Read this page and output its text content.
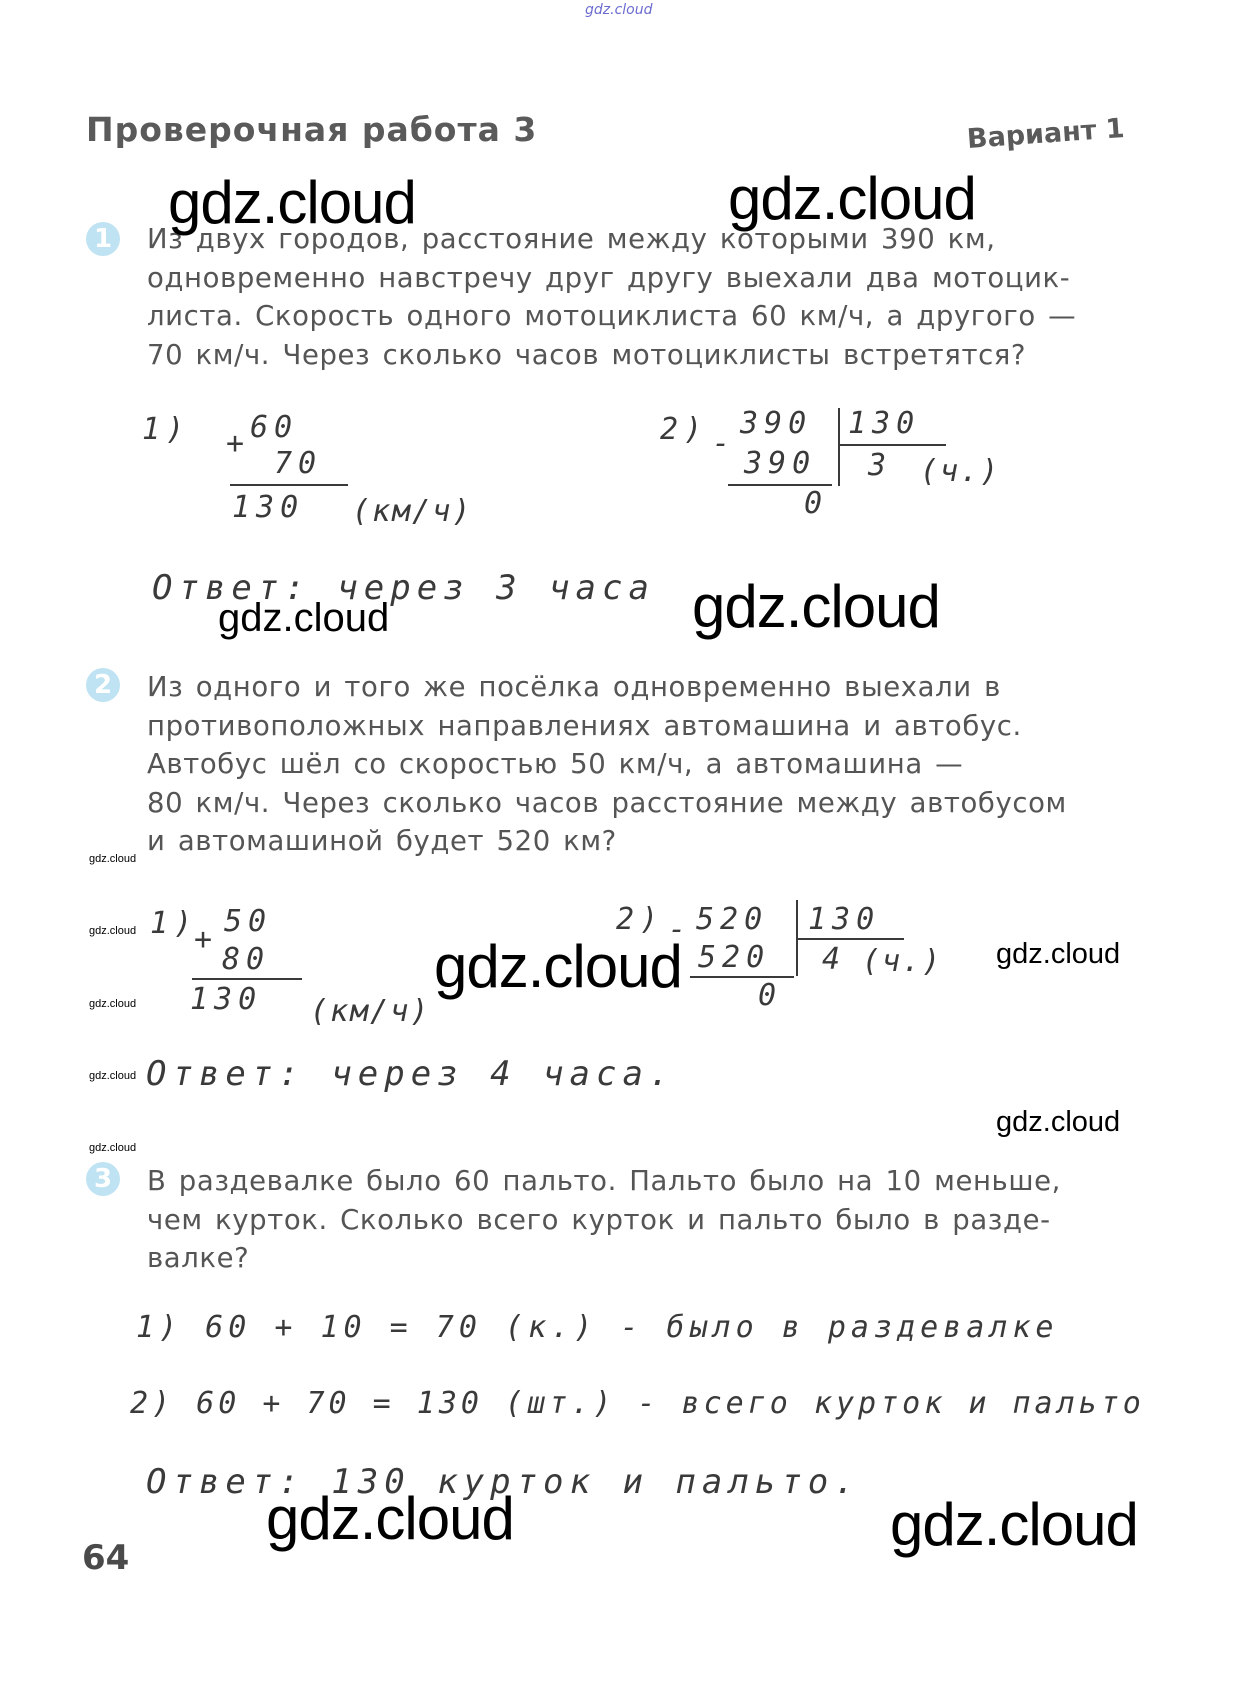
gdz.cloud
Проверочная работа 3	Вариант 1
1 Из двух городов, расстояние между которыми 390 км,
одновременно навстречу друг другу выехали два мотоцик-
листа. Скорость одного мотоциклиста 60 км/ч, а другого —
70 км/ч. Через сколько часов мотоциклисты встретятся?
1) + 60
70
130 (км/ч)
2) -
390 130
390 3 (ч.)
0
Ответ: через 3 часа
2 Из одного и того же посёлка одновременно выехали в
противоположных направлениях автомашина и автобус.
Автобус шёл со скоростью 50 км/ч, а автомашина —
80 км/ч. Через сколько часов расстояние между автобусом
и автомашиной будет 520 км?
1)
+
50
80
130 (км/ч)
2) - 520 130
520 4 (ч.)
0
Ответ: через 4 часа.
3 В раздевалке было 60 пальто. Пальто было на 10 меньше,
чем курток. Сколько всего курток и пальто было в разде-
валке?
1) 60 + 10 = 70 (к.) - было в раздевалке
2) 60 + 70 = 130 (шт.) - всего курток и пальто
Ответ: 130 курток и пальто.
gdz.cloud	gdz.cloud
gdz.cloud	gdz.cloud
gdz.cloud	gdz.cloud
gdz.cloud
gdz.cloud	gdz.cloud
gdz.cloud
gdz.cloud
gdz.cloud
gdz.cloud
gdz.cloud
64
